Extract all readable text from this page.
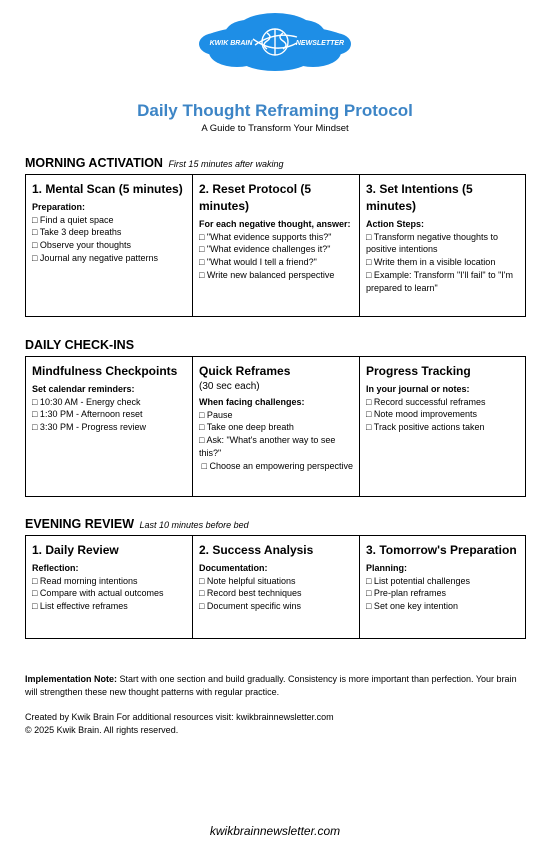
KWIK BRAIN	NEWSLETTER
Daily Thought Reframing Protocol
A Guide to Transform Your Mindset
MORNING ACTIVATION First 15 minutes after waking
1. Mental Scan (5 minutes)
Preparation:
□ Find a quiet space
□ Take 3 deep breaths
□ Observe your thoughts
□ Journal any negative patterns
2. Reset Protocol (5 minutes)
For each negative thought, answer:
□ "What evidence supports this?"
□ "What evidence challenges it?"
□ "What would I tell a friend?"
□ Write new balanced perspective
3. Set Intentions (5 minutes)
Action Steps:
□ Transform negative thoughts to positive intentions
□ Write them in a visible location
□ Example: Transform "I'll fail" to "I'm prepared to learn"
DAILY CHECK-INS
Mindfulness Checkpoints
Set calendar reminders:
□ 10:30 AM - Energy check
□ 1:30 PM - Afternoon reset
□ 3:30 PM - Progress review
Quick Reframes
(30 sec each)
When facing challenges:
□ Pause
□ Take one deep breath
□ Ask: "What's another way to see this?"
□ Choose an empowering perspective
Progress Tracking
In your journal or notes:
□ Record successful reframes
□ Note mood improvements
□ Track positive actions taken
EVENING REVIEW Last 10 minutes before bed
1. Daily Review
Reflection:
□ Read morning intentions
□ Compare with actual outcomes
□ List effective reframes
2. Success Analysis
Documentation:
□ Note helpful situations
□ Record best techniques
□ Document specific wins
3. Tomorrow's Preparation
Planning:
□ List potential challenges
□ Pre-plan reframes
□ Set one key intention
Implementation Note: Start with one section and build gradually. Consistency is more important than perfection. Your brain will strengthen these new thought patterns with regular practice.
Created by Kwik Brain For additional resources visit: kwikbrainnewsletter.com
© 2025 Kwik Brain. All rights reserved.
kwikbrainnewsletter.com
